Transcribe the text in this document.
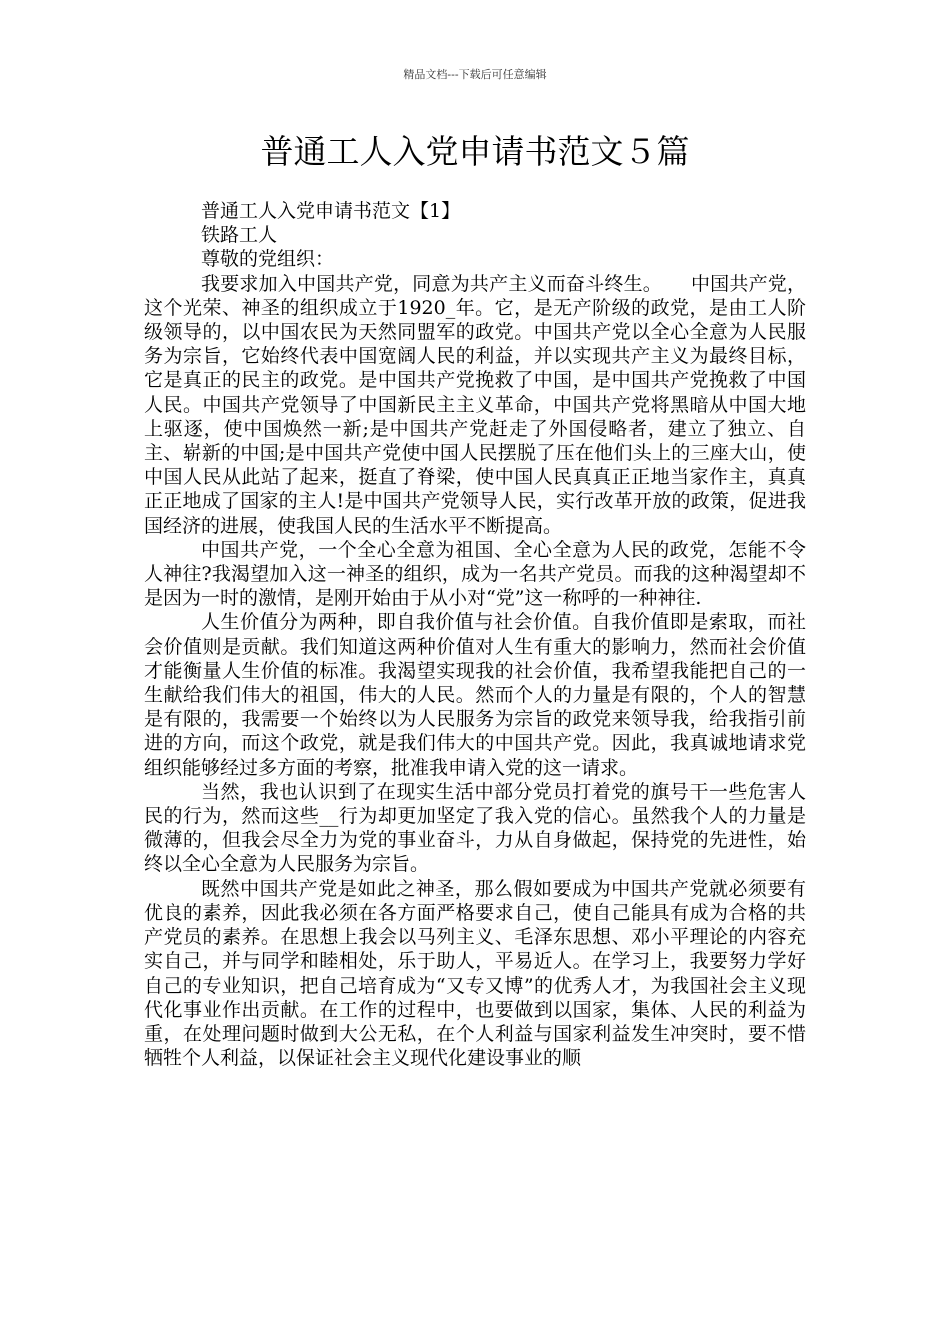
精品文档---下载后可任意编辑
普通工人入党申请书范文５篇
普通工人入党申请书范文【1】
铁路工人
尊敬的党组织：

我要求加入中国共产党，同意为共产主义而奋斗终生。　　中国共产党，这个光荣、神圣的组织成立于1920_年。它，是无产阶级的政党，是由工人阶级领导的，以中国农民为天然同盟军的政党。中国共产党以全心全意为人民服务为宗旨，它始终代表中国宽阔人民的利益，并以实现共产主义为最终目标，它是真正的民主的政党。是中国共产党挽救了中国，是中国共产党挽救了中国人民。中国共产党领导了中国新民主主义革命，中国共产党将黑暗从中国大地上驱逐，使中国焕然一新;是中国共产党赶走了外国侵略者，建立了独立、自主、崭新的中国;是中国共产党使中国人民摆脱了压在他们头上的三座大山，使中国人民从此站了起来，挺直了脊梁，使中国人民真真正正地当家作主，真真正正地成了国家的主人!是中国共产党领导人民，实行改革开放的政策，促进我国经济的进展，使我国人民的生活水平不断提高。

中国共产党，一个全心全意为祖国、全心全意为人民的政党，怎能不令人神往?我渴望加入这一神圣的组织，成为一名共产党员。而我的这种渴望却不是因为一时的激情，是刚开始由于从小对“党”这一称呼的一种神往.

人生价值分为两种，即自我价值与社会价值。自我价值即是索取，而社会价值则是贡献。我们知道这两种价值对人生有重大的影响力，然而社会价值才能衡量人生价值的标准。我渴望实现我的社会价值，我希望我能把自己的一生献给我们伟大的祖国，伟大的人民。然而个人的力量是有限的，个人的智慧是有限的，我需要一个始终以为人民服务为宗旨的政党来领导我，给我指引前进的方向，而这个政党，就是我们伟大的中国共产党。因此，我真诚地请求党组织能够经过多方面的考察，批准我申请入党的这一请求。

当然，我也认识到了在现实生活中部分党员打着党的旗号干一些危害人民的行为，然而这些__行为却更加坚定了我入党的信心。虽然我个人的力量是微薄的，但我会尽全力为党的事业奋斗，力从自身做起，保持党的先进性，始终以全心全意为人民服务为宗旨。

既然中国共产党是如此之神圣，那么假如要成为中国共产党就必须要有优良的素养，因此我必须在各方面严格要求自己，使自己能具有成为合格的共产党员的素养。在思想上我会以马列主义、毛泽东思想、邓小平理论的内容充实自己，并与同学和睦相处，乐于助人，平易近人。在学习上，我要努力学好自己的专业知识，把自己培育成为“又专又博”的优秀人才，为我国社会主义现代化事业作出贡献。在工作的过程中，也要做到以国家，集体、人民的利益为重，在处理问题时做到大公无私，在个人利益与国家利益发生冲突时，要不惜牺牲个人利益，以保证社会主义现代化建设事业的顺
